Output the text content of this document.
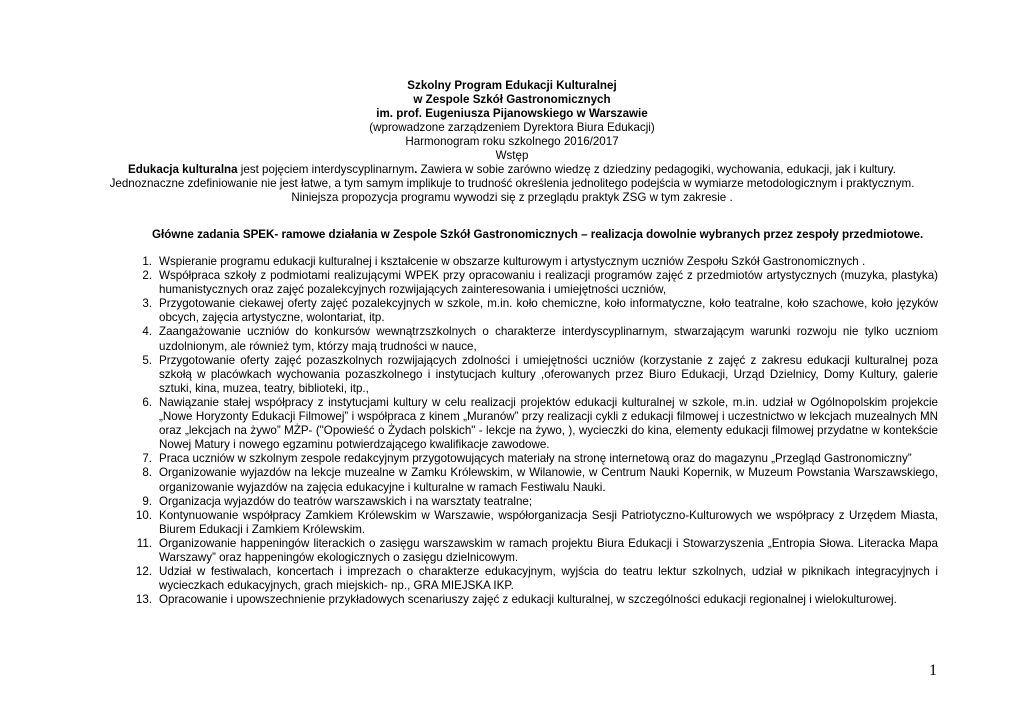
Szkolny Program Edukacji Kulturalnej
w Zespole Szkół Gastronomicznych
im. prof. Eugeniusza Pijanowskiego w Warszawie
(wprowadzone zarządzeniem Dyrektora Biura Edukacji)
Harmonogram roku szkolnego 2016/2017
Wstęp
Edukacja kulturalna jest pojęciem interdyscyplinarnym. Zawiera w sobie zarówno wiedzę z dziedziny pedagogiki, wychowania, edukacji, jak i kultury.
Jednoznaczne zdefiniowanie nie jest łatwe, a tym samym implikuje to trudność określenia jednolitego podejścia w wymiarze metodologicznym i praktycznym.
Niniejsza propozycja programu wywodzi się z przeglądu praktyk ZSG w tym zakresie .
Główne zadania SPEK- ramowe działania w Zespole Szkół Gastronomicznych – realizacja dowolnie wybranych przez zespoły przedmiotowe.
1. Wspieranie programu edukacji kulturalnej i kształcenie w obszarze kulturowym i artystycznym uczniów Zespołu Szkół Gastronomicznych .
2. Współpraca szkoły z podmiotami realizującymi WPEK przy opracowaniu i realizacji programów zajęć z przedmiotów artystycznych (muzyka, plastyka) humanistycznych oraz zajęć pozalekcyjnych rozwijających zainteresowania i umiejętności uczniów,
3. Przygotowanie ciekawej oferty zajęć pozalekcyjnych w szkole, m.in. koło chemiczne, koło informatyczne, koło teatralne, koło szachowe, koło języków obcych, zajęcia artystyczne, wolontariat, itp.
4. Zaangażowanie uczniów do konkursów wewnątrzszkolnych o charakterze interdyscyplinarnym, stwarzającym warunki rozwoju nie tylko uczniom uzdolnionym, ale również tym, którzy mają trudności w nauce,
5. Przygotowanie oferty zajęć pozaszkolnych rozwijających zdolności i umiejętności uczniów (korzystanie z zajęć z zakresu edukacji kulturalnej poza szkołą w placówkach wychowania pozaszkolnego i instytucjach kultury ,oferowanych przez Biuro Edukacji, Urząd Dzielnicy, Domy Kultury, galerie sztuki, kina, muzea, teatry, biblioteki, itp.,
6. Nawiązanie stałej współpracy z instytucjami kultury w celu realizacji projektów edukacji kulturalnej w szkole, m.in. udział w Ogólnopolskim projekcie „Nowe Horyzonty Edukacji Filmowej” i współpraca z kinem „Muranów” przy realizacji cykli z edukacji filmowej i uczestnictwo w lekcjach muzealnych MN oraz „lekcjach na żywo” MŻP- ("Opowieść o Żydach polskich" - lekcje na żywo, ), wycieczki do kina, elementy edukacji filmowej przydatne w kontekście Nowej Matury i nowego egzaminu potwierdzającego kwalifikacje zawodowe.
7. Praca uczniów w szkolnym zespole redakcyjnym przygotowujących materiały na stronę internetową oraz do magazynu „Przegląd Gastronomiczny”
8. Organizowanie wyjazdów na lekcje muzealne w Zamku Królewskim, w Wilanowie, w Centrum Nauki Kopernik, w Muzeum Powstania Warszawskiego, organizowanie wyjazdów na zajęcia edukacyjne i kulturalne w ramach Festiwalu Nauki.
9. Organizacja wyjazdów do teatrów warszawskich i na warsztaty teatralne;
10. Kontynuowanie współpracy Zamkiem Królewskim w Warszawie, współorganizacja Sesji Patriotyczno-Kulturowych we współpracy z Urzędem Miasta, Biurem Edukacji i Zamkiem Królewskim.
11. Organizowanie happeningów literackich o zasięgu warszawskim w ramach projektu Biura Edukacji i Stowarzyszenia „Entropia Słowa. Literacka Mapa Warszawy” oraz happeningów ekologicznych o zasięgu dzielnicowym.
12. Udział w festiwalach, koncertach i imprezach o charakterze edukacyjnym, wyjścia do teatru lektur szkolnych, udział w piknikach integracyjnych i wycieczkach edukacyjnych, grach miejskich- np., GRA MIEJSKA IKP.
13. Opracowanie i upowszechnienie przykładowych scenariuszy zajęć z edukacji kulturalnej, w szczególności edukacji regionalnej i wielokulturowej.
1
